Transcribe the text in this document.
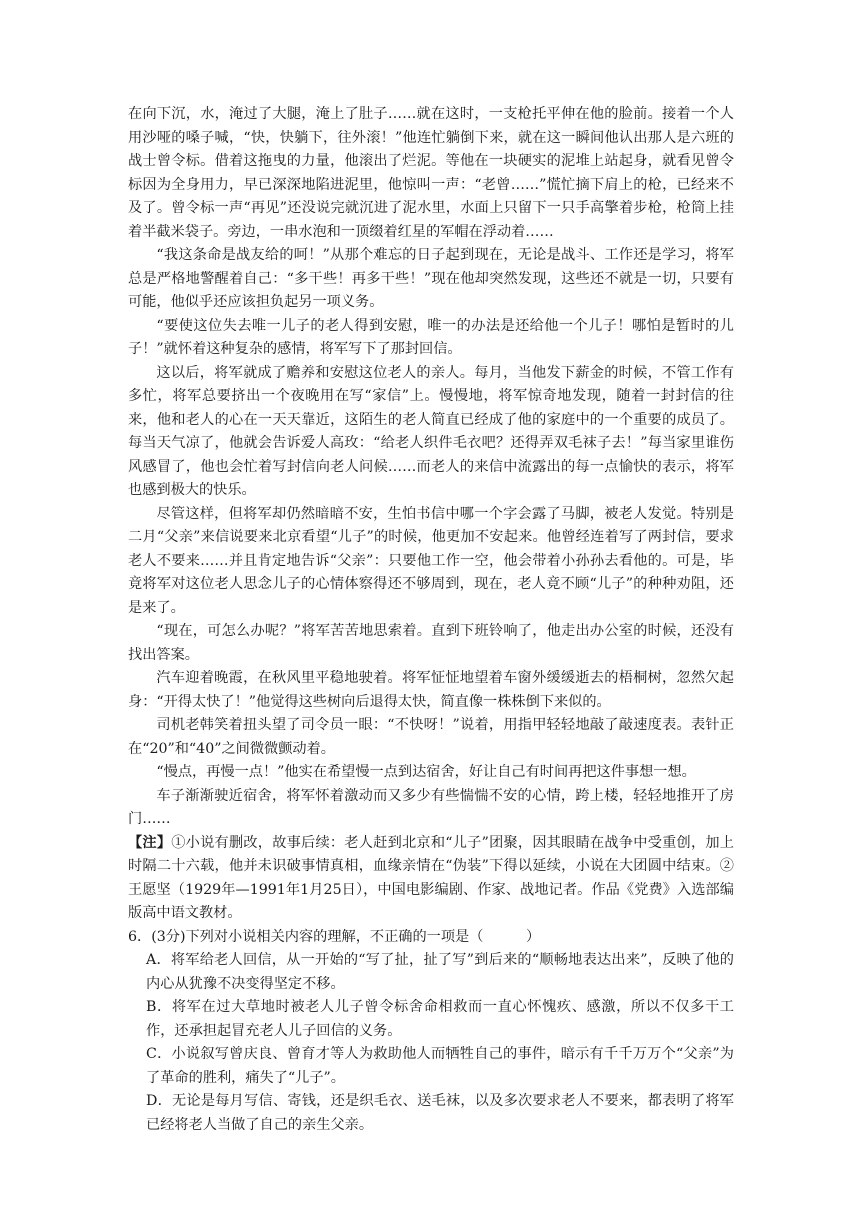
在向下沉，水，淹过了大腿，淹上了肚子……就在这时，一支枪托平伸在他的脸前。接着一个人用沙哑的嗓子喊，“快，快躺下，往外滚！”他连忙躺倒下来，就在这一瞬间他认出那人是六班的战士曾令标。借着这拖曳的力量，他滚出了烂泥。等他在一块硬实的泥堆上站起身，就看见曾令标因为全身用力，早已深深地陷进泥里，他惊叫一声：“老曾……”慌忙摘下肩上的枪，已经来不及了。曾令标一声“再见”还没说完就沉进了泥水里，水面上只留下一只手高擎着步枪，枪筒上挂着半截米袋子。旁边，一串水泡和一顶缀着红星的军帽在浮动着……

“我这条命是战友给的呵！”从那个难忘的日子起到现在，无论是战斗、工作还是学习，将军总是严格地警醒着自己：“多干些！再多干些！”现在他却突然发现，这些还不就是一切，只要有可能，他似乎还应该担负起另一项义务。

“要使这位失去唯一儿子的老人得到安慰，唯一的办法是还给他一个儿子！哪怕是暂时的儿子！”就怀着这种复杂的感情，将军写下了那封回信。

这以后，将军就成了赡养和安慰这位老人的亲人。每月，当他发下薪金的时候，不管工作有多忙，将军总要挤出一个夜晚用在写“家信”上。慢慢地，将军惊奇地发现，随着一封封信的往来，他和老人的心在一天天靠近，这陌生的老人简直已经成了他的家庭中的一个重要的成员了。每当天气凉了，他就会告诉爱人高玫：“给老人织件毛衣吧？还得弄双毛袜子去！”每当家里谁伤风感冒了，他也会忙着写封信向老人问候……而老人的来信中流露出的每一点愉快的表示，将军也感到极大的快乐。

尽管这样，但将军却仍然暗暗不安，生怕书信中哪一个字会露了马脚，被老人发觉。特别是二月“父亲”来信说要来北京看望“儿子”的时候，他更加不安起来。他曾经连着写了两封信，要求老人不要来……并且肯定地告诉“父亲”：只要他工作一空，他会带着小孙孙去看他的。可是，毕竟将军对这位老人思念儿子的心情体察得还不够周到，现在，老人竟不顾“儿子”的种种劝阻，还是来了。

“现在，可怎么办呢？”将军苦苦地思索着。直到下班铃响了，他走出办公室的时候，还没有找出答案。

汽车迎着晚霞，在秋风里平稳地驶着。将军怔怔地望着车窗外缓缓逝去的梧桐树，忽然欠起身：“开得太快了！”他觉得这些树向后退得太快，简直像一株株倒下来似的。

司机老韩笑着扭头望了司令员一眼：“不快呀！”说着，用指甲轻轻地敲了敲速度表。表针正在“20”和“40”之间微微颤动着。

“慢点，再慢一点！”他实在希望慢一点到达宿舍，好让自己有时间再把这件事想一想。

车子渐渐驶近宿舍，将军怀着激动而又多少有些惴惴不安的心情，跨上楼，轻轻地推开了房门……

【注】①小说有删改，故事后续：老人赶到北京和“儿子”团聚，因其眼睛在战争中受重创，加上时隔二十六载，他并未识破事情真相，血缘亲情在“伪装”下得以延续，小说在大团圆中结束。②王愿坚（1929年—1991年1月25日），中国电影编剧、作家、战地记者。作品《党费》入选部编版高中语文教材。

6．(3分)下列对小说相关内容的理解，不正确的一项是（　　　）

A．将军给老人回信，从一开始的“写了扯，扯了写”到后来的“顺畅地表达出来”，反映了他的内心从犹豫不决变得坚定不移。

B．将军在过大草地时被老人儿子曾令标舍命相救而一直心怀愧疚、感激，所以不仅多干工作，还承担起冒充老人儿子回信的义务。

C．小说叙写曾庆良、曾育才等人为救助他人而牺牲自己的事件，暗示有千千万万个“父亲”为了革命的胜利，痛失了“儿子”。

D．无论是每月写信、寄钱，还是织毛衣、送毛袜，以及多次要求老人不要来，都表明了将军已经将老人当做了自己的亲生父亲。
